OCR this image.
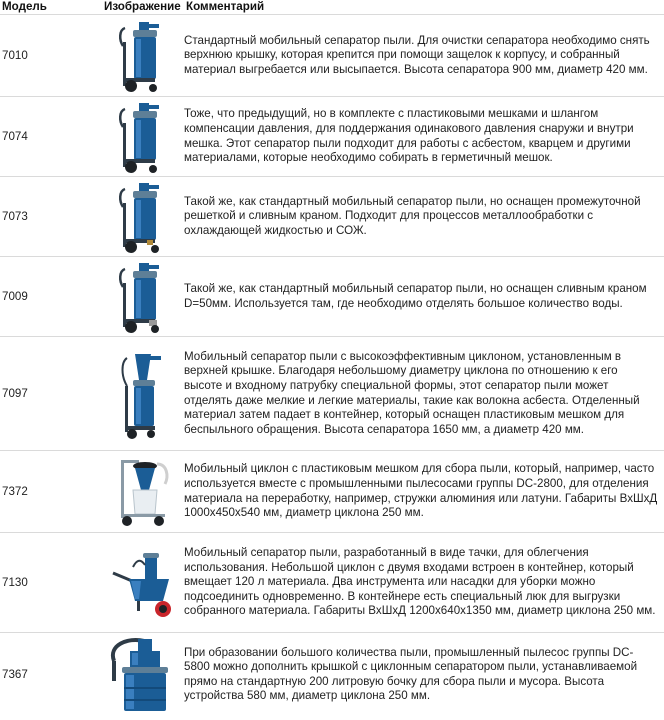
Модель	Изображение	Комментарий
7010		Стандартный мобильный сепаратор пыли. Для очистки сепаратора необходимо снять верхнюю крышку, которая крепится при помощи защелок к корпусу, и собранный материал выгребается или высыпается. Высота сепаратора 900 мм, диаметр 420 мм.
7074		Тоже, что предыдущий, но в комплекте с пластиковыми мешками и шлангом компенсации давления, для поддержания одинакового давления снаружи и внутри мешка. Этот сепаратор пыли подходит для работы с асбестом, кварцем и другими материалами, которые необходимо собирать в герметичный мешок.
7073		Такой же, как стандартный мобильный сепаратор пыли, но оснащен промежуточной решеткой и сливным краном. Подходит для процессов металлообработки с охлаждающей жидкостью и СОЖ.
7009		Такой же, как стандартный мобильный сепаратор пыли, но оснащен сливным краном D=50мм. Используется там, где необходимо отделять большое количество воды.
7097		Мобильный сепаратор пыли с высокоэффективным циклоном, установленным в верхней крышке. Благодаря небольшому диаметру циклона по отношению к его высоте и входному патрубку специальной формы, этот сепаратор пыли может отделять даже мелкие и легкие материалы, такие как волокна асбеста. Отделенный материал затем падает в контейнер, который оснащен пластиковым мешком для беспыльного обращения. Высота сепаратора 1650 мм, а диаметр 420 мм.
7372		Мобильный циклон с пластиковым мешком для сбора пыли, который, например, часто используется вместе с промышленными пылесосами группы DC-2800, для отделения материала на переработку, например, стружки алюминия или латуни. Габариты ВхШхД 1000х450х540 мм, диаметр циклона 250 мм.
7130		Мобильный сепаратор пыли, разработанный в виде тачки, для облегчения использования. Небольшой циклон с двумя входами встроен в контейнер, который вмещает 120 л материала. Два инструмента или насадки для уборки можно подсоединить одновременно. В контейнере есть специальный люк для выгрузки собранного материала. Габариты ВхШхД 1200х640х1350 мм, диаметр циклона 250 мм.
7367		При образовании большого количества пыли, промышленный пылесос группы DC-5800 можно дополнить крышкой с циклонным сепаратором пыли, устанавливаемой прямо на стандартную 200 литровую бочку для сбора пыли и мусора. Высота устройства 580 мм, диаметр циклона 250 мм.
